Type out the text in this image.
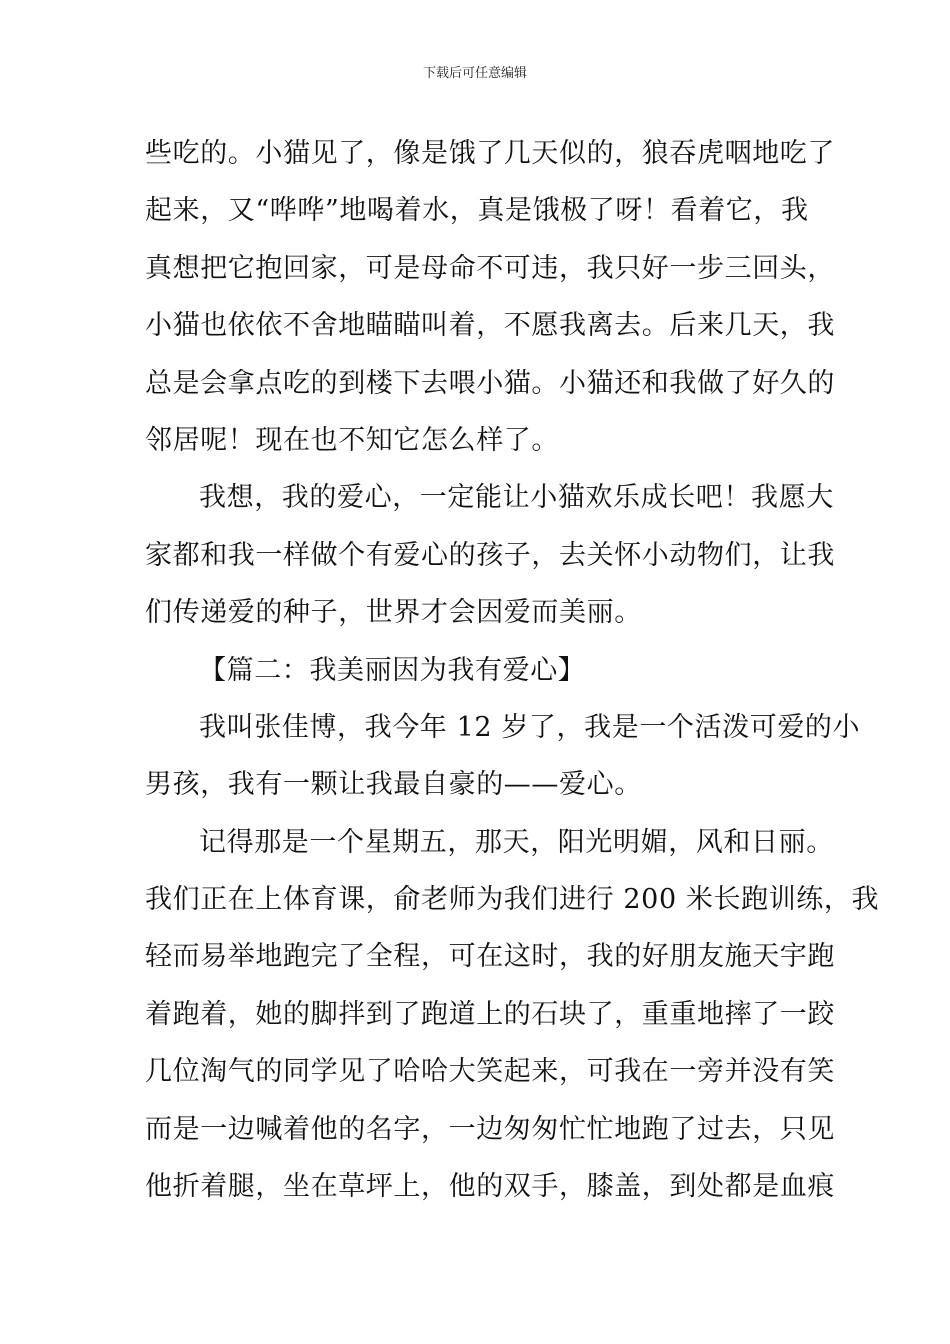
下载后可任意编辑
些吃的。小猫见了，像是饿了几天似的，狼吞虎咽地吃了
起来，又“哗哗”地喝着水，真是饿极了呀！看着它，我
真想把它抱回家，可是母命不可违，我只好一步三回头，
小猫也依依不舍地瞄瞄叫着，不愿我离去。后来几天，我
总是会拿点吃的到楼下去喂小猫。小猫还和我做了好久的
邻居呢！现在也不知它怎么样了。
我想，我的爱心，一定能让小猫欢乐成长吧！我愿大
家都和我一样做个有爱心的孩子，去关怀小动物们，让我
们传递爱的种子，世界才会因爱而美丽。
【篇二：我美丽因为我有爱心】
我叫张佳博，我今年 12 岁了，我是一个活泼可爱的小
男孩，我有一颗让我最自豪的——爱心。
记得那是一个星期五，那天，阳光明媚，风和日丽。
我们正在上体育课，俞老师为我们进行 200 米长跑训练，我
轻而易举地跑完了全程，可在这时，我的好朋友施天宇跑
着跑着，她的脚拌到了跑道上的石块了，重重地摔了一跤
几位淘气的同学见了哈哈大笑起来，可我在一旁并没有笑
而是一边喊着他的名字，一边匆匆忙忙地跑了过去，只见
他折着腿，坐在草坪上，他的双手，膝盖，到处都是血痕
